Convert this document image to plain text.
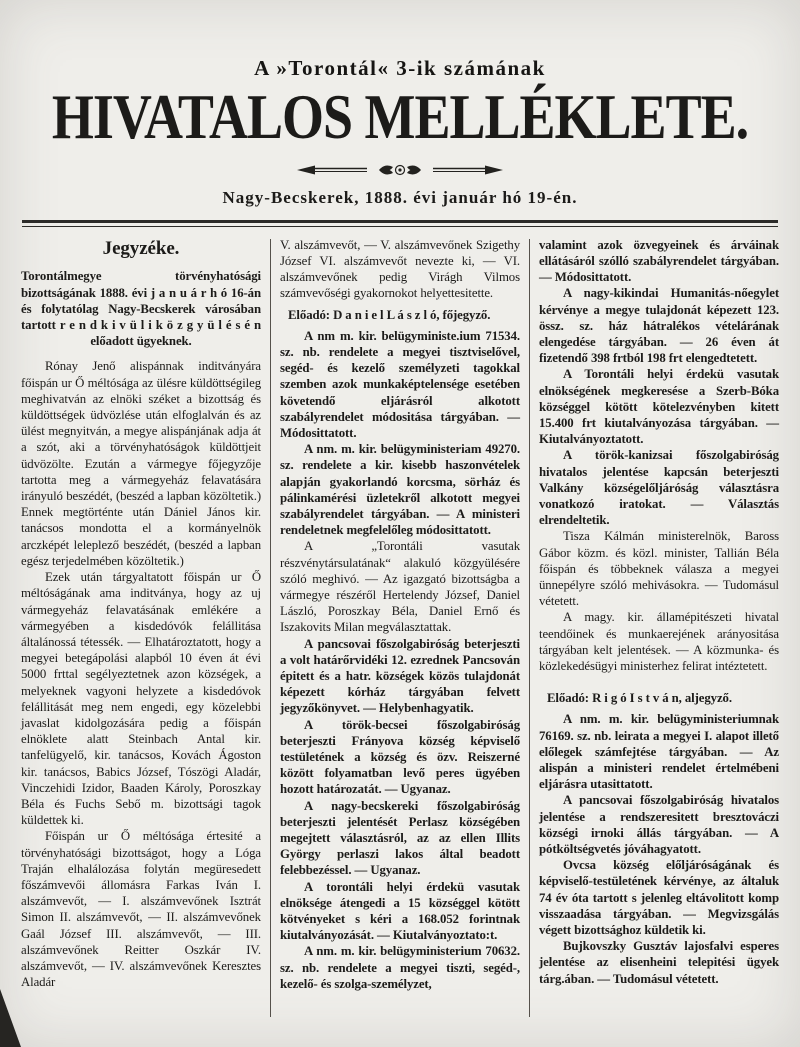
A »Torontál« 3-ik számának
HIVATALOS MELLÉKLETE.
Nagy-Becskerek, 1888. évi január hó 19-én.

Jegyzéke.

Torontálmegye törvényhatósági bizottságának 1888. évi j a n u á r h ó 16-án és folytatólag Nagy-Becskerek városában tartott r e n d k i v ü l i k ö z g y ü l é s é n előadott ügyeknek.

Rónay Jenő alispánnak inditványára főispán ur Ő méltósága az ülésre küldöttségileg meghivatván az elnöki széket a bizottság és küldöttségek üdvözlése után elfoglalván és az ülést megnyitván, a megye alispánjának adja át a szót, aki a törvényhatóságok küldöttjeit üdvözölte. Ezután a vármegye főjegyzője tartotta meg a vármegyeház felavatására irányuló beszédét, (beszéd a lapban közöltetik.) Ennek megtörténte után Dániel János kir. tanácsos mondotta el a kormányelnök arczképét leleplező beszédét, (beszéd a lapban egész terjedelmében közöltetik.)

Ezek után tárgyaltatott főispán ur Ő méltóságának ama inditványa, hogy az uj vármegyeház felavatásának emlékére a vármegyében a kisdedóvók felállitása általánossá tétessék. — Elhatároztatott, hogy a megyei betegápolási alapból 10 éven át évi 5000 frttal segélyeztetnek azon községek, a melyeknek vagyoni helyzete a kisdedóvok felállitását meg nem engedi, egy közelebbi javaslat kidolgozására pedig a főispán elnöklete alatt Steinbach Antal kir. tanfelügyelő, kir. tanácsos, Kovách Ágoston kir. tanácsos, Babics József, Tószögi Aladár, Vinczehidi Izidor, Baaden Károly, Poroszkay Béla és Fuchs Sebő m. bizottsági tagok küldettek ki.

Főispán ur Ő méltósága értesité a törvényhatósági bizottságot, hogy a Lóga Traján elhalálozása folytán megüresedett főszámvevői állomásra Farkas Iván I. alszámvevőt, — I. alszámvevőnek Isztrát Simon II. alszámvevőt, — II. alszámvevőnek Gaál József III. alszámvevőt, — III. alszámvevőnek Reitter Oszkár IV. alszámvevőt, — IV. alszámvevőnek Keresztes Aladár

V. alszámvevőt, — V. alszámvevőnek Szigethy József VI. alszámvevőt nevezte ki, — VI. alszámvevőnek pedig Virágh Vilmos számvevőségi gyakornokot helyettesitette.

Előadó: D a n i e l L á s z l ó, főjegyző.

A nm m. kir. belügyministe.ium 71534. sz. nb. rendelete a megyei tisztviselővel, segéd- és kezelő személyzeti tagokkal szemben azok munkaképtelensége esetében követendő eljárásról alkotott szabályrendelet módositása tárgyában. — Módosittatott.

A nm. m. kir. belügyministeriam 49270. sz. rendelete a kir. kisebb haszonvételek alapján gyakorlandó korcsma, sörház és pálinkamérési üzletekről alkotott megyei szabályrendelet tárgyában. — A ministeri rendeletnek megfelelőleg módosittatott.

A „Torontáli vasutak részvénytársulatának“ alakuló közgyülésére szóló meghivó. — Az igazgató bizottságba a vármegye részéről Hertelendy József, Daniel László, Poroszkay Béla, Daniel Ernő és Iszakovits Milan megválasztattak.

A pancsovai főszolgabiróság beterjeszti a volt határőrvidéki 12. ezrednek Pancsován épitett és a hatr. községek közös tulajdonát képezett kórház tárgyában felvett jegyzőkönyvet. — Helybenhagyatik.

A török-becsei főszolgabiróság beterjeszti Frányova község képviselő testületének a község és özv. Reiszerné között folyamatban levő peres ügyében hozott határozatát. — Ugyanaz.

A nagy-becskereki főszolgabiróság beterjeszti jelentését Perlasz községében megejtett választásról, az az ellen Illits György perlaszi lakos által beadott felebbezéssel. — Ugyanaz.

A torontáli helyi érdekü vasutak elnöksége átengedi a 15 községgel kötött kötvényeket s kéri a 168.052 forintnak kiutalványozását. — Kiutalványoztato:t.

A nm. m. kir. belügyministerium 70632. sz. nb. rendelete a megyei tiszti, segéd-, kezelő- és szolga-személyzet,

valamint azok özvegyeinek és árváinak ellátásáról szólló szabályrendelet tárgyában. — Módosittatott.

A nagy-kikindai Humanitás-nőegylet kérvénye a megye tulajdonát képezett 123. össz. sz. ház hátralékos vételárának elengedése tárgyában. — 26 éven át fizetendő 398 frtból 198 frt elengedtetett.

A Torontáli helyi érdekü vasutak elnökségének megkeresése a Szerb-Bóka községgel kötött kötelezvényben kitett 15.400 frt kiutalványozása tárgyában. — Kiutalványoztatott.

A török-kanizsai főszolgabiróság hivatalos jelentése kapcsán beterjeszti Valkány községelőljáróság választásra vonatkozó iratokat. — Választás elrendeltetik.

Tisza Kálmán ministerelnök, Baross Gábor közm. és közl. minister, Tallián Béla főispán és többeknek válasza a megyei ünnepélyre szóló mehivásokra. — Tudomásul vétetett.

A magy. kir. államépitészeti hivatal teendőinek és munkaerejének arányositása tárgyában kelt jelentések. — A közmunka- és közlekedésügyi ministerhez felirat intéztetett.

Előadó: R i g ó I s t v á n, aljegyző.

A nm. m. kir. belügyministeriumnak 76169. sz. nb. leirata a megyei I. alapot illető előlegek számfejtése tárgyában. — Az alispán a ministeri rendelet értelmébeni eljárásra utasittatott.

A pancsovai főszolgabiróság hivatalos jelentése a rendszeresitett bresztováczi községi irnoki állás tárgyában. — A pótköltségvetés jóváhagyatott.

Ovcsa község előljáróságának és képviselő-testületének kérvénye, az általuk 74 év óta tartott s jelenleg eltávolitott komp visszaadása tárgyában. — Megvizsgálás végett bizottsághoz küldetik ki.

Bujkovszky Gusztáv lajosfalvi esperes jelentése az elisenheini telepitési ügyek tárg.ában. — Tudomásul vétetett.
